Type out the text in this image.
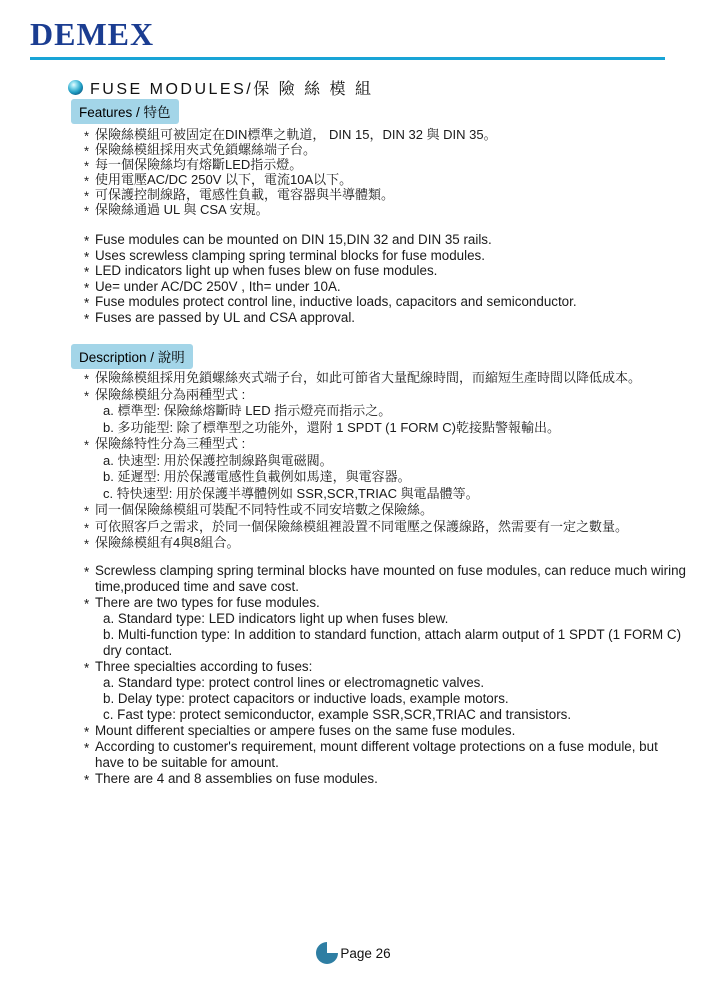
DEMEX
FUSE MODULES/保 險 絲 模 組
Features / 特色
* 保險絲模組可被固定在DIN標準之軌道， DIN 15，DIN 32 與 DIN 35。
* 保險絲模組採用夾式免鎖螺絲端子台。
* 每一個保險絲均有熔斷LED指示燈。
* 使用電壓AC/DC 250V 以下，電流10A以下。
* 可保護控制線路，電感性負載，電容器與半導體類。
* 保險絲通過 UL 與 CSA 安規。
* Fuse modules can be mounted on DIN 15,DIN 32 and DIN 35 rails.
* Uses screwless clamping spring terminal blocks for fuse modules.
* LED indicators light up when fuses blew on fuse modules.
* Ue= under AC/DC 250V , Ith= under 10A.
* Fuse modules protect control line, inductive loads, capacitors and semiconductor.
* Fuses are passed by UL and CSA approval.
Description / 說明
* 保險絲模組採用免鎖螺絲夾式端子台，如此可節省大量配線時間，而縮短生產時間以降低成本。
* 保險絲模組分為兩種型式 :
a. 標準型: 保險絲熔斷時 LED 指示燈亮而指示之。
b. 多功能型: 除了標準型之功能外，還附 1 SPDT (1 FORM C)乾接點警報輸出。
* 保險絲特性分為三種型式 :
a. 快速型: 用於保護控制線路與電磁閥。
b. 延遲型: 用於保護電感性負載例如馬達，與電容器。
c. 特快速型: 用於保護半導體例如 SSR,SCR,TRIAC 與電晶體等。
* 同一個保險絲模組可裝配不同特性或不同安培數之保險絲。
* 可依照客戶之需求，於同一個保險絲模組裡設置不同電壓之保護線路，然需要有一定之數量。
* 保險絲模組有4與8組合。
* Screwless clamping spring terminal blocks have mounted on fuse modules, can reduce much wiring time,produced time and save cost.
* There are two types for fuse modules.
a. Standard type: LED indicators light up when fuses blew.
b. Multi-function type: In addition to standard function, attach alarm output of 1 SPDT (1 FORM C) dry contact.
* Three specialties according to fuses:
a. Standard type: protect control lines or electromagnetic valves.
b. Delay type: protect capacitors or inductive loads, example motors.
c. Fast type: protect semiconductor, example SSR,SCR,TRIAC and transistors.
* Mount different specialties or ampere fuses on the same fuse modules.
* According to customer's requirement, mount different voltage protections on a fuse module, but have to be suitable for amount.
* There are 4 and 8 assemblies on fuse modules.
Page 26
